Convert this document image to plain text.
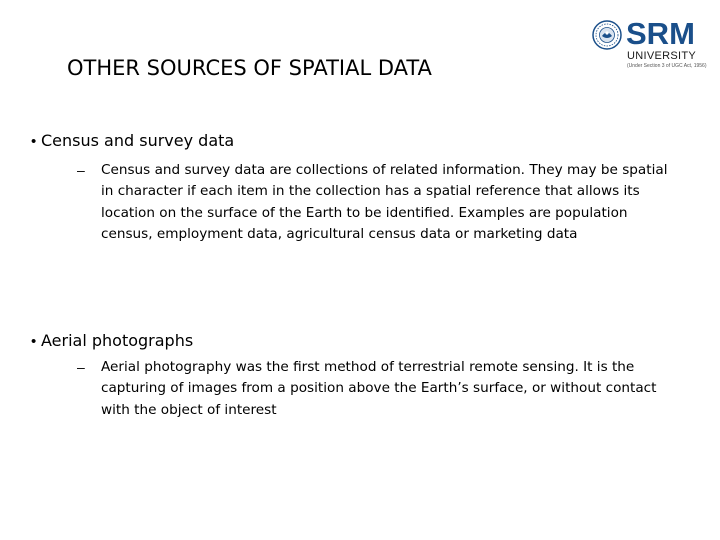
SRM
UNIVERSITY
(Under Section 3 of UGC Act, 1956)
OTHER SOURCES OF SPATIAL DATA
• Census and survey data
–	Census and survey data are collections of related information. They may be spatial in character if each item in the collection has a spatial reference that allows its location on the surface of the Earth to be identified. Examples are population census, employment data, agricultural census data or marketing data
• Aerial photographs
–	Aerial photography was the first method of terrestrial remote sensing. It is the capturing of images from a position above the Earth’s surface, or without contact with the object of interest
